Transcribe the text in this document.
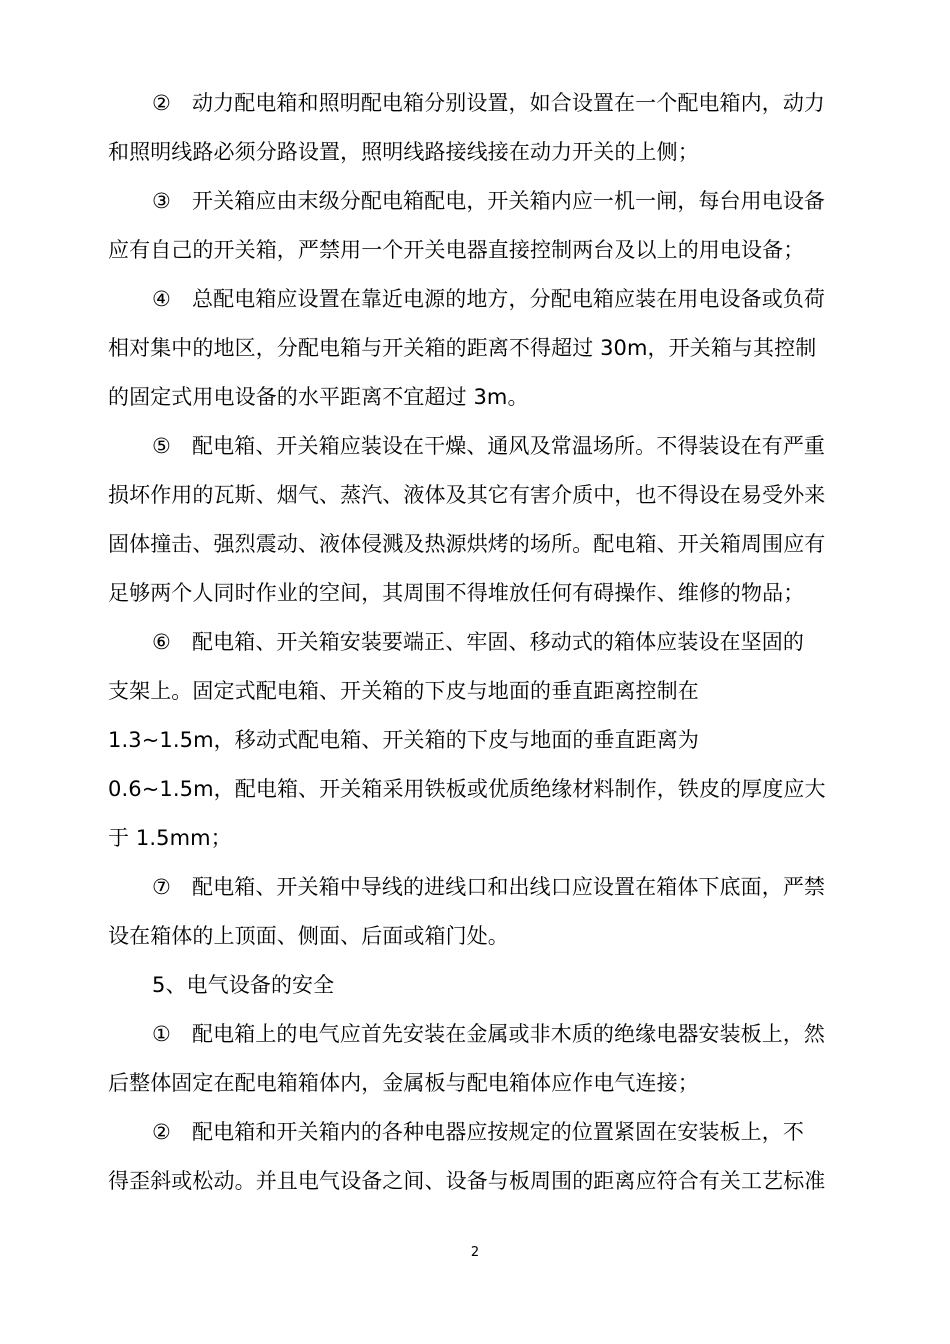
②　动力配电箱和照明配电箱分别设置，如合设置在一个配电箱内，动力
和照明线路必须分路设置，照明线路接线接在动力开关的上侧；
③　开关箱应由末级分配电箱配电，开关箱内应一机一闸，每台用电设备
应有自己的开关箱，严禁用一个开关电器直接控制两台及以上的用电设备；
④　总配电箱应设置在靠近电源的地方，分配电箱应装在用电设备或负荷
相对集中的地区，分配电箱与开关箱的距离不得超过 30m，开关箱与其控制
的固定式用电设备的水平距离不宜超过 3m。
⑤　配电箱、开关箱应装设在干燥、通风及常温场所。不得装设在有严重
损坏作用的瓦斯、烟气、蒸汽、液体及其它有害介质中，也不得设在易受外来
固体撞击、强烈震动、液体侵溅及热源烘烤的场所。配电箱、开关箱周围应有
足够两个人同时作业的空间，其周围不得堆放任何有碍操作、维修的物品；
⑥　配电箱、开关箱安装要端正、牢固、移动式的箱体应装设在坚固的
支架上。固定式配电箱、开关箱的下皮与地面的垂直距离控制在
1.3~1.5m，移动式配电箱、开关箱的下皮与地面的垂直距离为
0.6~1.5m，配电箱、开关箱采用铁板或优质绝缘材料制作，铁皮的厚度应大
于 1.5mm；
⑦　配电箱、开关箱中导线的进线口和出线口应设置在箱体下底面，严禁
设在箱体的上顶面、侧面、后面或箱门处。
5、电气设备的安全
①　配电箱上的电气应首先安装在金属或非木质的绝缘电器安装板上，然
后整体固定在配电箱箱体内，金属板与配电箱体应作电气连接；
②　配电箱和开关箱内的各种电器应按规定的位置紧固在安装板上，不
得歪斜或松动。并且电气设备之间、设备与板周围的距离应符合有关工艺标准
2
